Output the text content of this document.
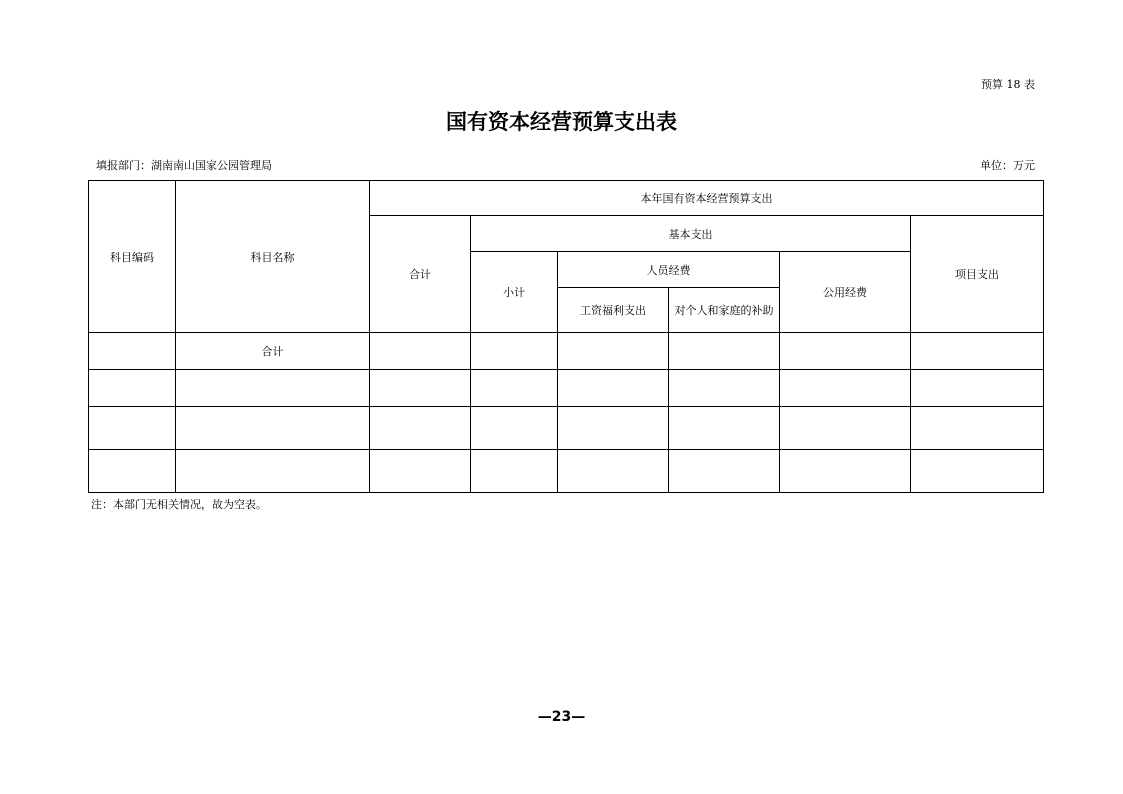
预算 18 表
国有资本经营预算支出表
填报部门：湖南南山国家公园管理局	单位：万元
科目编码	科目名称	本年国有资本经营预算支出					
		合计	基本支出				项目支出
			小计	人员经费		公用经费	
				工资福利支出	对个人和家庭的补助		
	合计						

注：本部门无相关情况，故为空表。
—23—
